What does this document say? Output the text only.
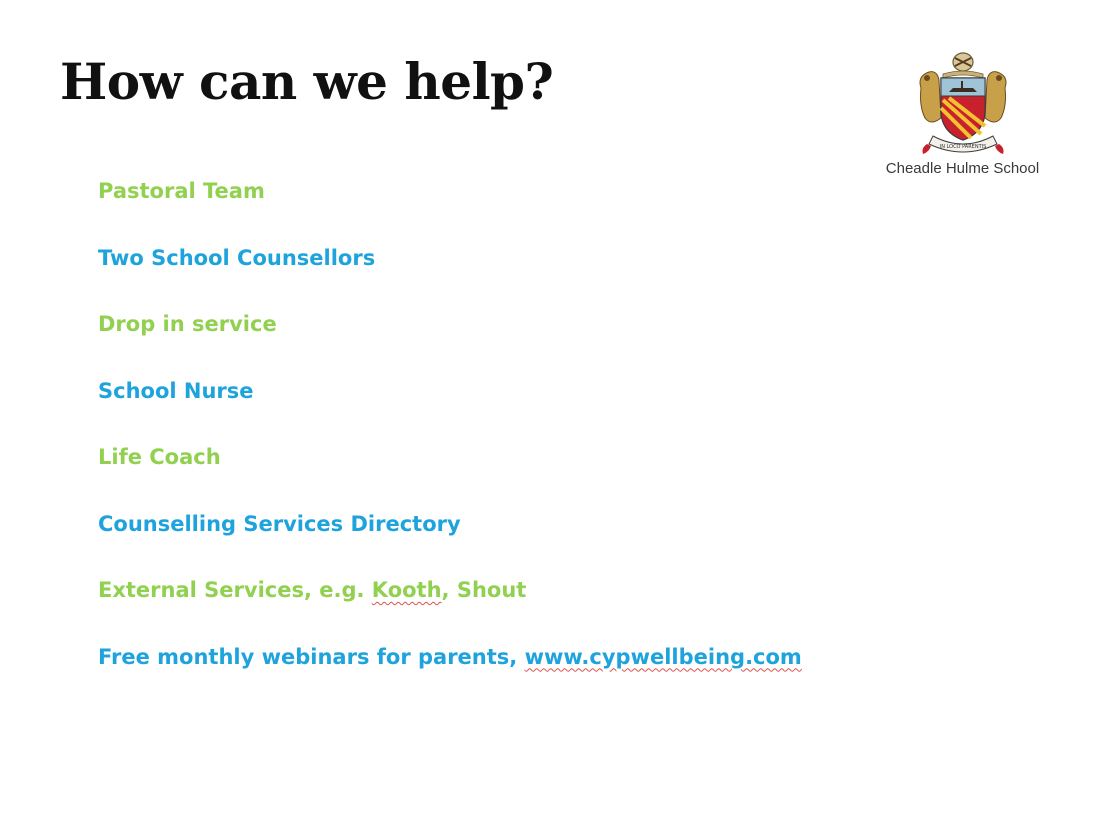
How can we help?
IN LOCO PARENTIS
Cheadle Hulme School
Pastoral Team
Two School Counsellors
Drop in service
School Nurse
Life Coach
Counselling Services Directory
External Services, e.g. Kooth, Shout
Free monthly webinars for parents, www.cypwellbeing.com
